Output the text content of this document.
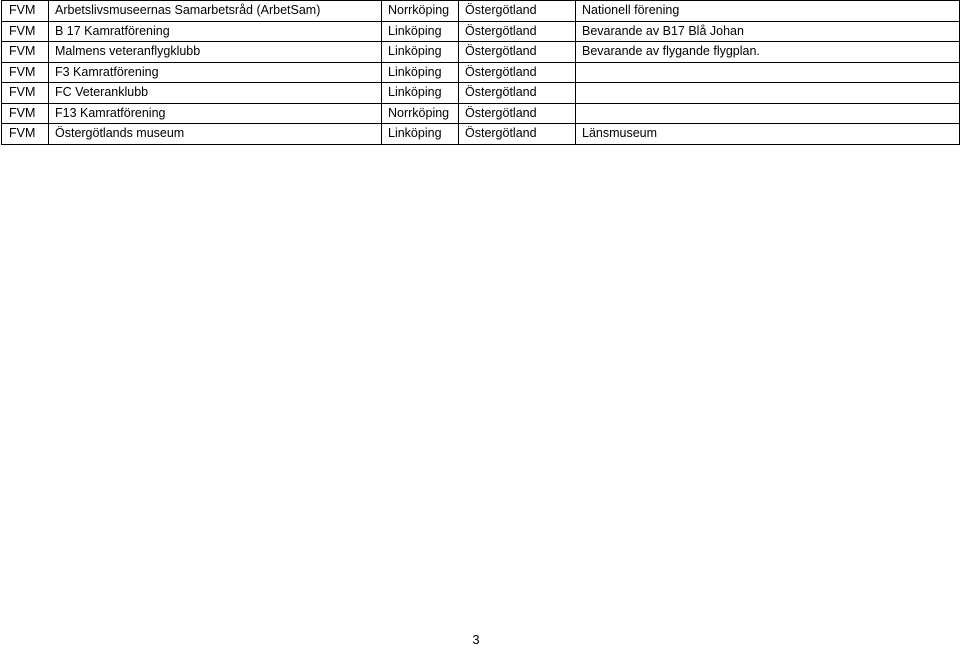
FVM	Arbetslivsmuseernas Samarbetsråd (ArbetSam)	Norrköping	Östergötland	Nationell förening
FVM	B 17 Kamratförening	Linköping	Östergötland	Bevarande av B17 Blå Johan
FVM	Malmens veteranflygklubb	Linköping	Östergötland	Bevarande av flygande flygplan.
FVM	F3 Kamratförening	Linköping	Östergötland	
FVM	FC Veteranklubb	Linköping	Östergötland	
FVM	F13 Kamratförening	Norrköping	Östergötland	
FVM	Östergötlands museum	Linköping	Östergötland	Länsmuseum
3
